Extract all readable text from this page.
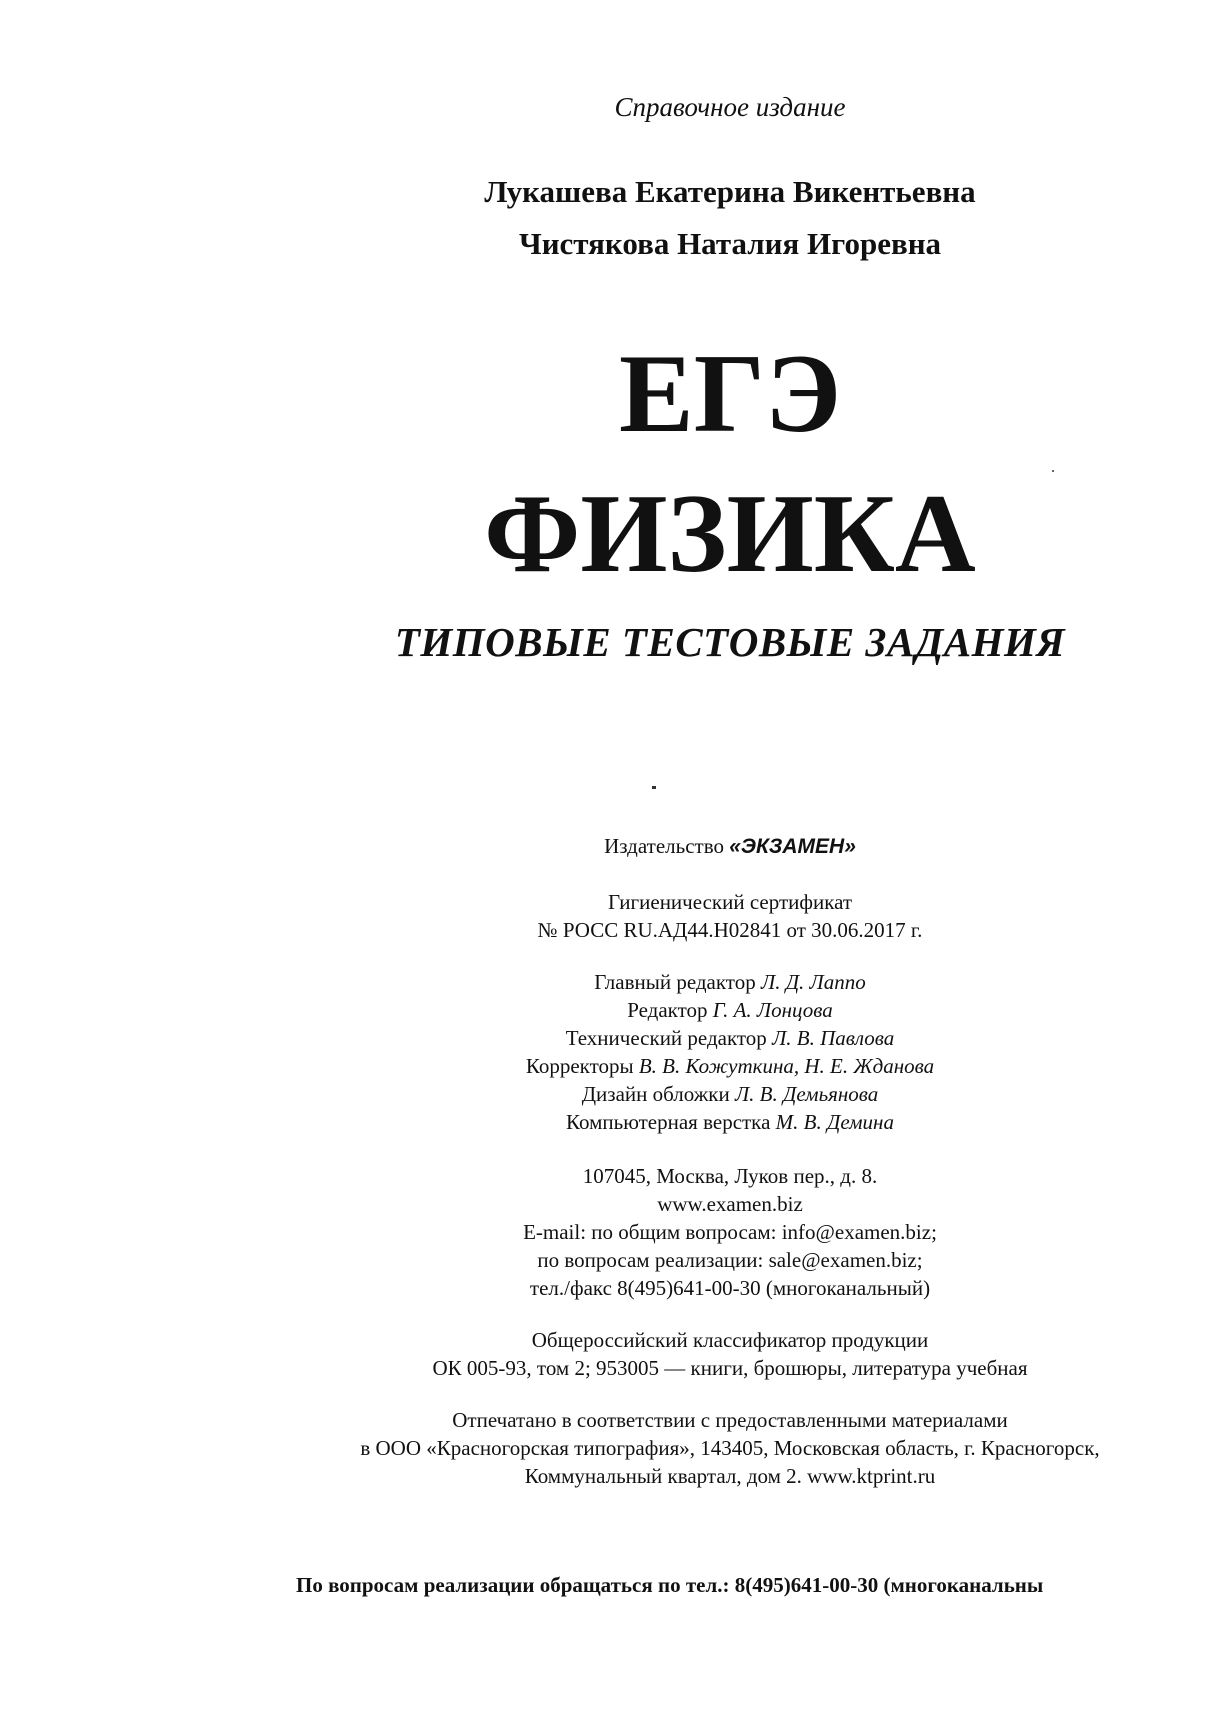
Справочное издание
Лукашева Екатерина Викентьевна
Чистякова Наталия Игоревна
ЕГЭ
ФИЗИКА
ТИПОВЫЕ ТЕСТОВЫЕ ЗАДАНИЯ
Издательство «ЭКЗАМЕН»
Гигиенический сертификат
№ РОСС RU.АД44.Н02841 от 30.06.2017 г.
Главный редактор Л. Д. Лаппо
Редактор Г. А. Лонцова
Технический редактор Л. В. Павлова
Корректоры В. В. Кожуткина, Н. Е. Жданова
Дизайн обложки Л. В. Демьянова
Компьютерная верстка М. В. Демина
107045, Москва, Луков пер., д. 8.
www.examen.biz
E-mail: по общим вопросам: info@examen.biz;
по вопросам реализации: sale@examen.biz;
тел./факс 8(495)641-00-30 (многоканальный)
Общероссийский классификатор продукции
ОК 005-93, том 2; 953005 — книги, брошюры, литература учебная
Отпечатано в соответствии с предоставленными материалами
в ООО «Красногорская типография», 143405, Московская область, г. Красногорск,
Коммунальный квартал, дом 2. www.ktprint.ru
По вопросам реализации обращаться по тел.: 8(495)641-00-30 (многоканальны
